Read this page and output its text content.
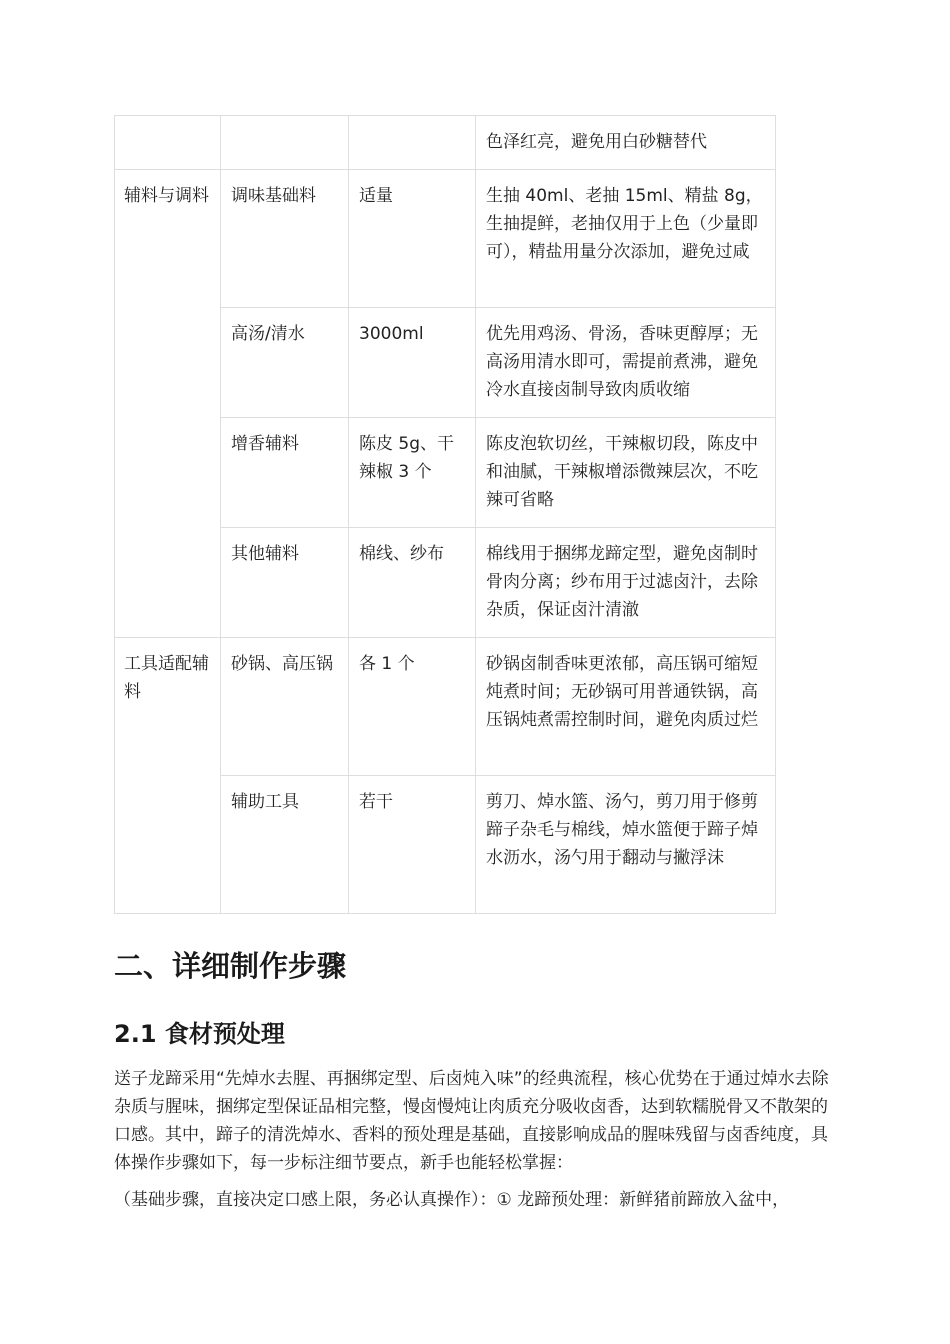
			色泽红亮，避免用白砂糖替代
辅料与调料	调味基础料	适量	生抽 40ml、老抽 15ml、精盐 8g，生抽提鲜，老抽仅用于上色（少量即可），精盐用量分次添加，避免过咸
	高汤/清水	3000ml	优先用鸡汤、骨汤，香味更醇厚；无高汤用清水即可，需提前煮沸，避免冷水直接卤制导致肉质收缩
	增香辅料	陈皮 5g、干辣椒 3 个	陈皮泡软切丝，干辣椒切段，陈皮中和油腻，干辣椒增添微辣层次，不吃辣可省略
	其他辅料	棉线、纱布	棉线用于捆绑龙蹄定型，避免卤制时骨肉分离；纱布用于过滤卤汁，去除杂质，保证卤汁清澈
工具适配辅料	砂锅、高压锅	各 1 个	砂锅卤制香味更浓郁，高压锅可缩短炖煮时间；无砂锅可用普通铁锅，高压锅炖煮需控制时间，避免肉质过烂
	辅助工具	若干	剪刀、焯水篮、汤勺，剪刀用于修剪蹄子杂毛与棉线，焯水篮便于蹄子焯水沥水，汤勺用于翻动与撇浮沫
二、详细制作步骤
2.1 食材预处理

送子龙蹄采用“先焯水去腥、再捆绑定型、后卤炖入味”的经典流程，核心优势在于通过焯水去除杂质与腥味，捆绑定型保证品相完整，慢卤慢炖让肉质充分吸收卤香，达到软糯脱骨又不散架的口感。其中，蹄子的清洗焯水、香料的预处理是基础，直接影响成品的腥味残留与卤香纯度，具体操作步骤如下，每一步标注细节要点，新手也能轻松掌握：

（基础步骤，直接决定口感上限，务必认真操作）：① 龙蹄预处理：新鲜猪前蹄放入盆中，
